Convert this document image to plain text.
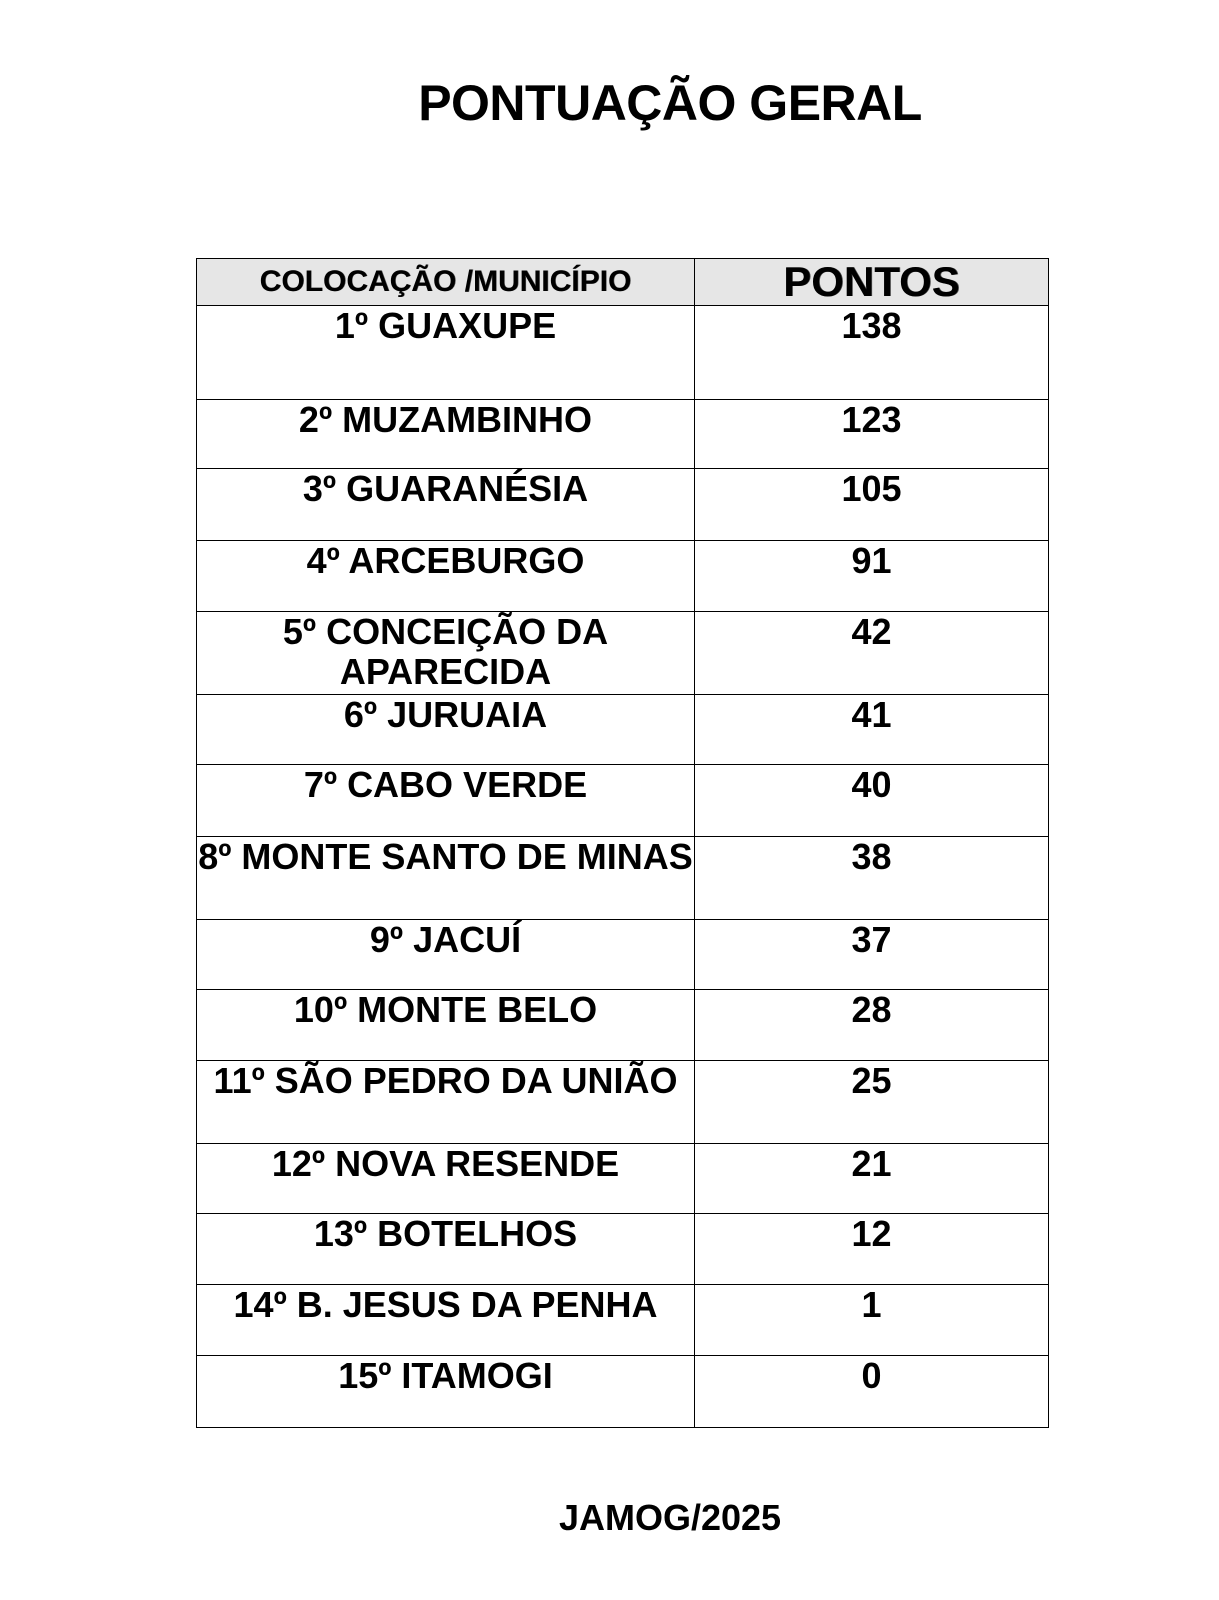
PONTUAÇÃO GERAL
COLOCAÇÃO /MUNICÍPIO	PONTOS
1º GUAXUPE	138
2º MUZAMBINHO	123
3º GUARANÉSIA	105
4º ARCEBURGO	91
5º CONCEIÇÃO DA APARECIDA	42
6º JURUAIA	41
7º CABO VERDE	40
8º MONTE SANTO DE MINAS	38
9º JACUÍ	37
10º MONTE BELO	28
11º SÃO PEDRO DA UNIÃO	25
12º NOVA RESENDE	21
13º BOTELHOS	12
14º B. JESUS DA PENHA	1
15º ITAMOGI	0
JAMOG/2025
